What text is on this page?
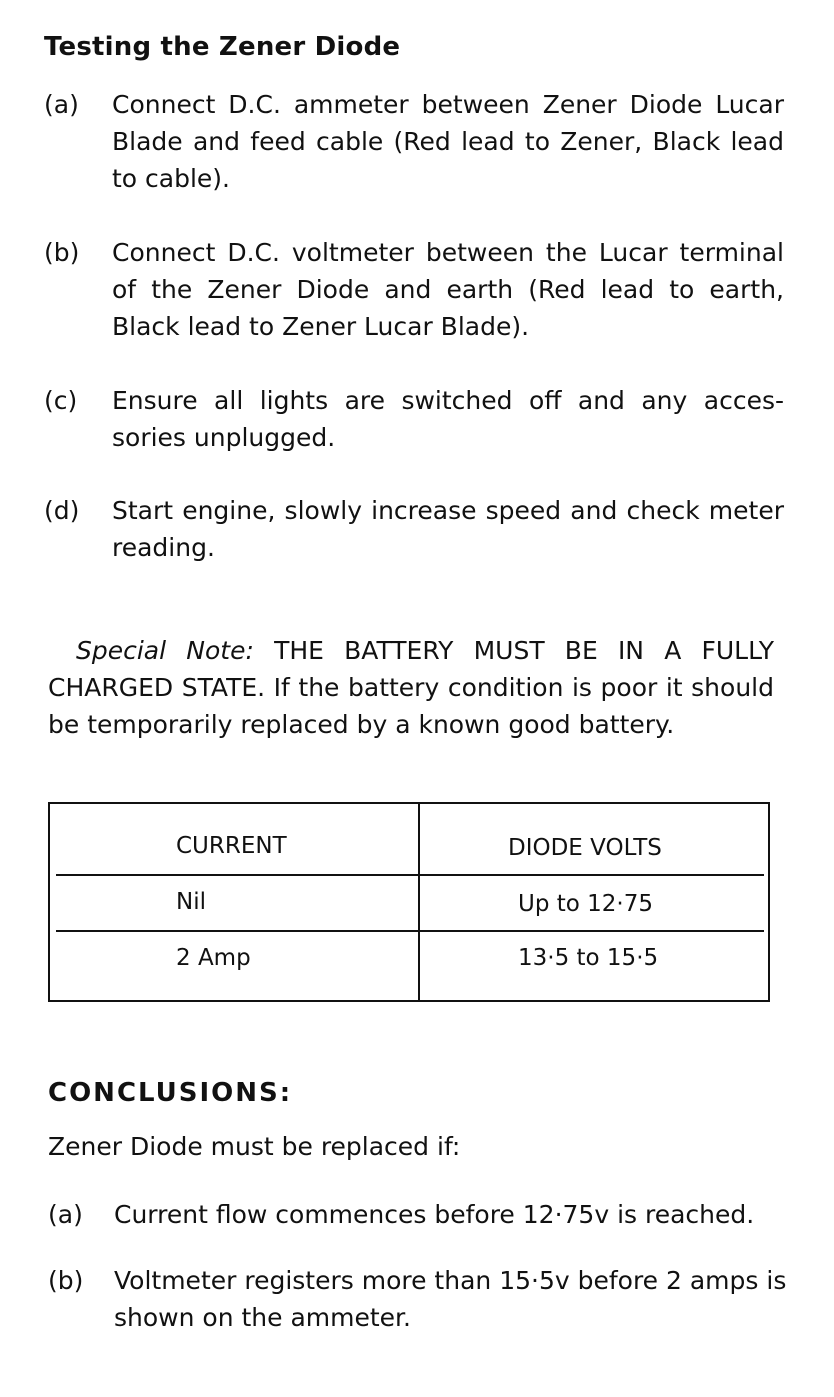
Testing the Zener Diode
(a)	Connect D.C. ammeter between Zener Diode Lucar Blade and feed cable (Red lead to Zener, Black lead to cable).
(b)	Connect D.C. voltmeter between the Lucar terminal of the Zener Diode and earth (Red lead to earth, Black lead to Zener Lucar Blade).
(c)	Ensure all lights are switched off and any acces- sories unplugged.
(d)	Start engine, slowly increase speed and check meter reading.
Special Note: THE BATTERY MUST BE IN A FULLY CHARGED STATE. If the battery condition is poor it should be temporarily replaced by a known good battery.
CURRENT	DIODE VOLTS
Nil	Up to 12·75
2 Amp	13·5 to 15·5
CONCLUSIONS:
Zener Diode must be replaced if:
(a) Current flow commences before 12·75v is reached.
(b) Voltmeter registers more than 15·5v before 2 amps is shown on the ammeter.
